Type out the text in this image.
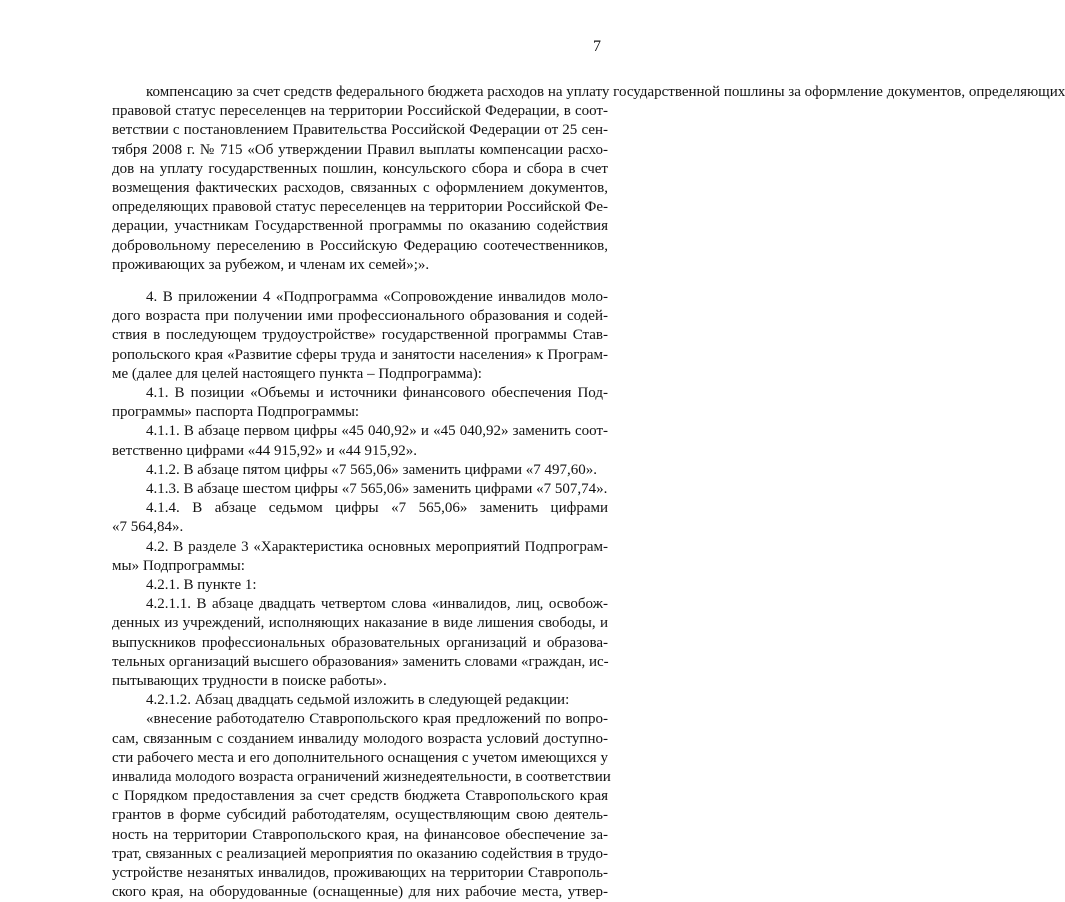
7
компенсацию за счет средств федерального бюджета расходов на уплату государственной пошлины за оформление документов, определяющих
правовой статус переселенцев на территории Российской Федерации, в соот-
ветствии с постановлением Правительства Российской Федерации от 25 сен-
тября 2008 г. № 715 «Об утверждении Правил выплаты компенсации расхо-
дов на уплату государственных пошлин, консульского сбора и сбора в счет
возмещения фактических расходов, связанных с оформлением документов,
определяющих правовой статус переселенцев на территории Российской Фе-
дерации, участникам Государственной программы по оказанию содействия
добровольному переселению в Российскую Федерацию соотечественников,
проживающих за рубежом, и членам их семей»;».
4. В приложении 4 «Подпрограмма «Сопровождение инвалидов моло-
дого возраста при получении ими профессионального образования и содей-
ствия в последующем трудоустройстве» государственной программы Став-
ропольского края «Развитие сферы труда и занятости населения» к Програм-
ме (далее для целей настоящего пункта – Подпрограмма):
4.1. В позиции «Объемы и источники финансового обеспечения Под-
программы» паспорта Подпрограммы:
4.1.1. В абзаце первом цифры «45 040,92» и «45 040,92» заменить соот-
ветственно цифрами «44 915,92» и «44 915,92».
4.1.2. В абзаце пятом цифры «7 565,06» заменить цифрами «7 497,60».
4.1.3. В абзаце шестом цифры «7 565,06» заменить цифрами «7 507,74».
4.1.4. В абзаце седьмом цифры «7 565,06» заменить цифрами
«7 564,84».
4.2. В разделе 3 «Характеристика основных мероприятий Подпрограм-
мы» Подпрограммы:
4.2.1. В пункте 1:
4.2.1.1. В абзаце двадцать четвертом слова «инвалидов, лиц, освобож-
денных из учреждений, исполняющих наказание в виде лишения свободы, и
выпускников профессиональных образовательных организаций и образова-
тельных организаций высшего образования» заменить словами «граждан, ис-
пытывающих трудности в поиске работы».
4.2.1.2. Абзац двадцать седьмой изложить в следующей редакции:
«внесение работодателю Ставропольского края предложений по вопро-
сам, связанным с созданием инвалиду молодого возраста условий доступно-
сти рабочего места и его дополнительного оснащения с учетом имеющихся у
инвалида молодого возраста ограничений жизнедеятельности, в соответствии
с Порядком предоставления за счет средств бюджета Ставропольского края
грантов в форме субсидий работодателям, осуществляющим свою деятель-
ность на территории Ставропольского края, на финансовое обеспечение за-
трат, связанных с реализацией мероприятия по оказанию содействия в трудо-
устройстве незанятых инвалидов, проживающих на территории Ставрополь-
ского края, на оборудованные (оснащенные) для них рабочие места, утвер-
